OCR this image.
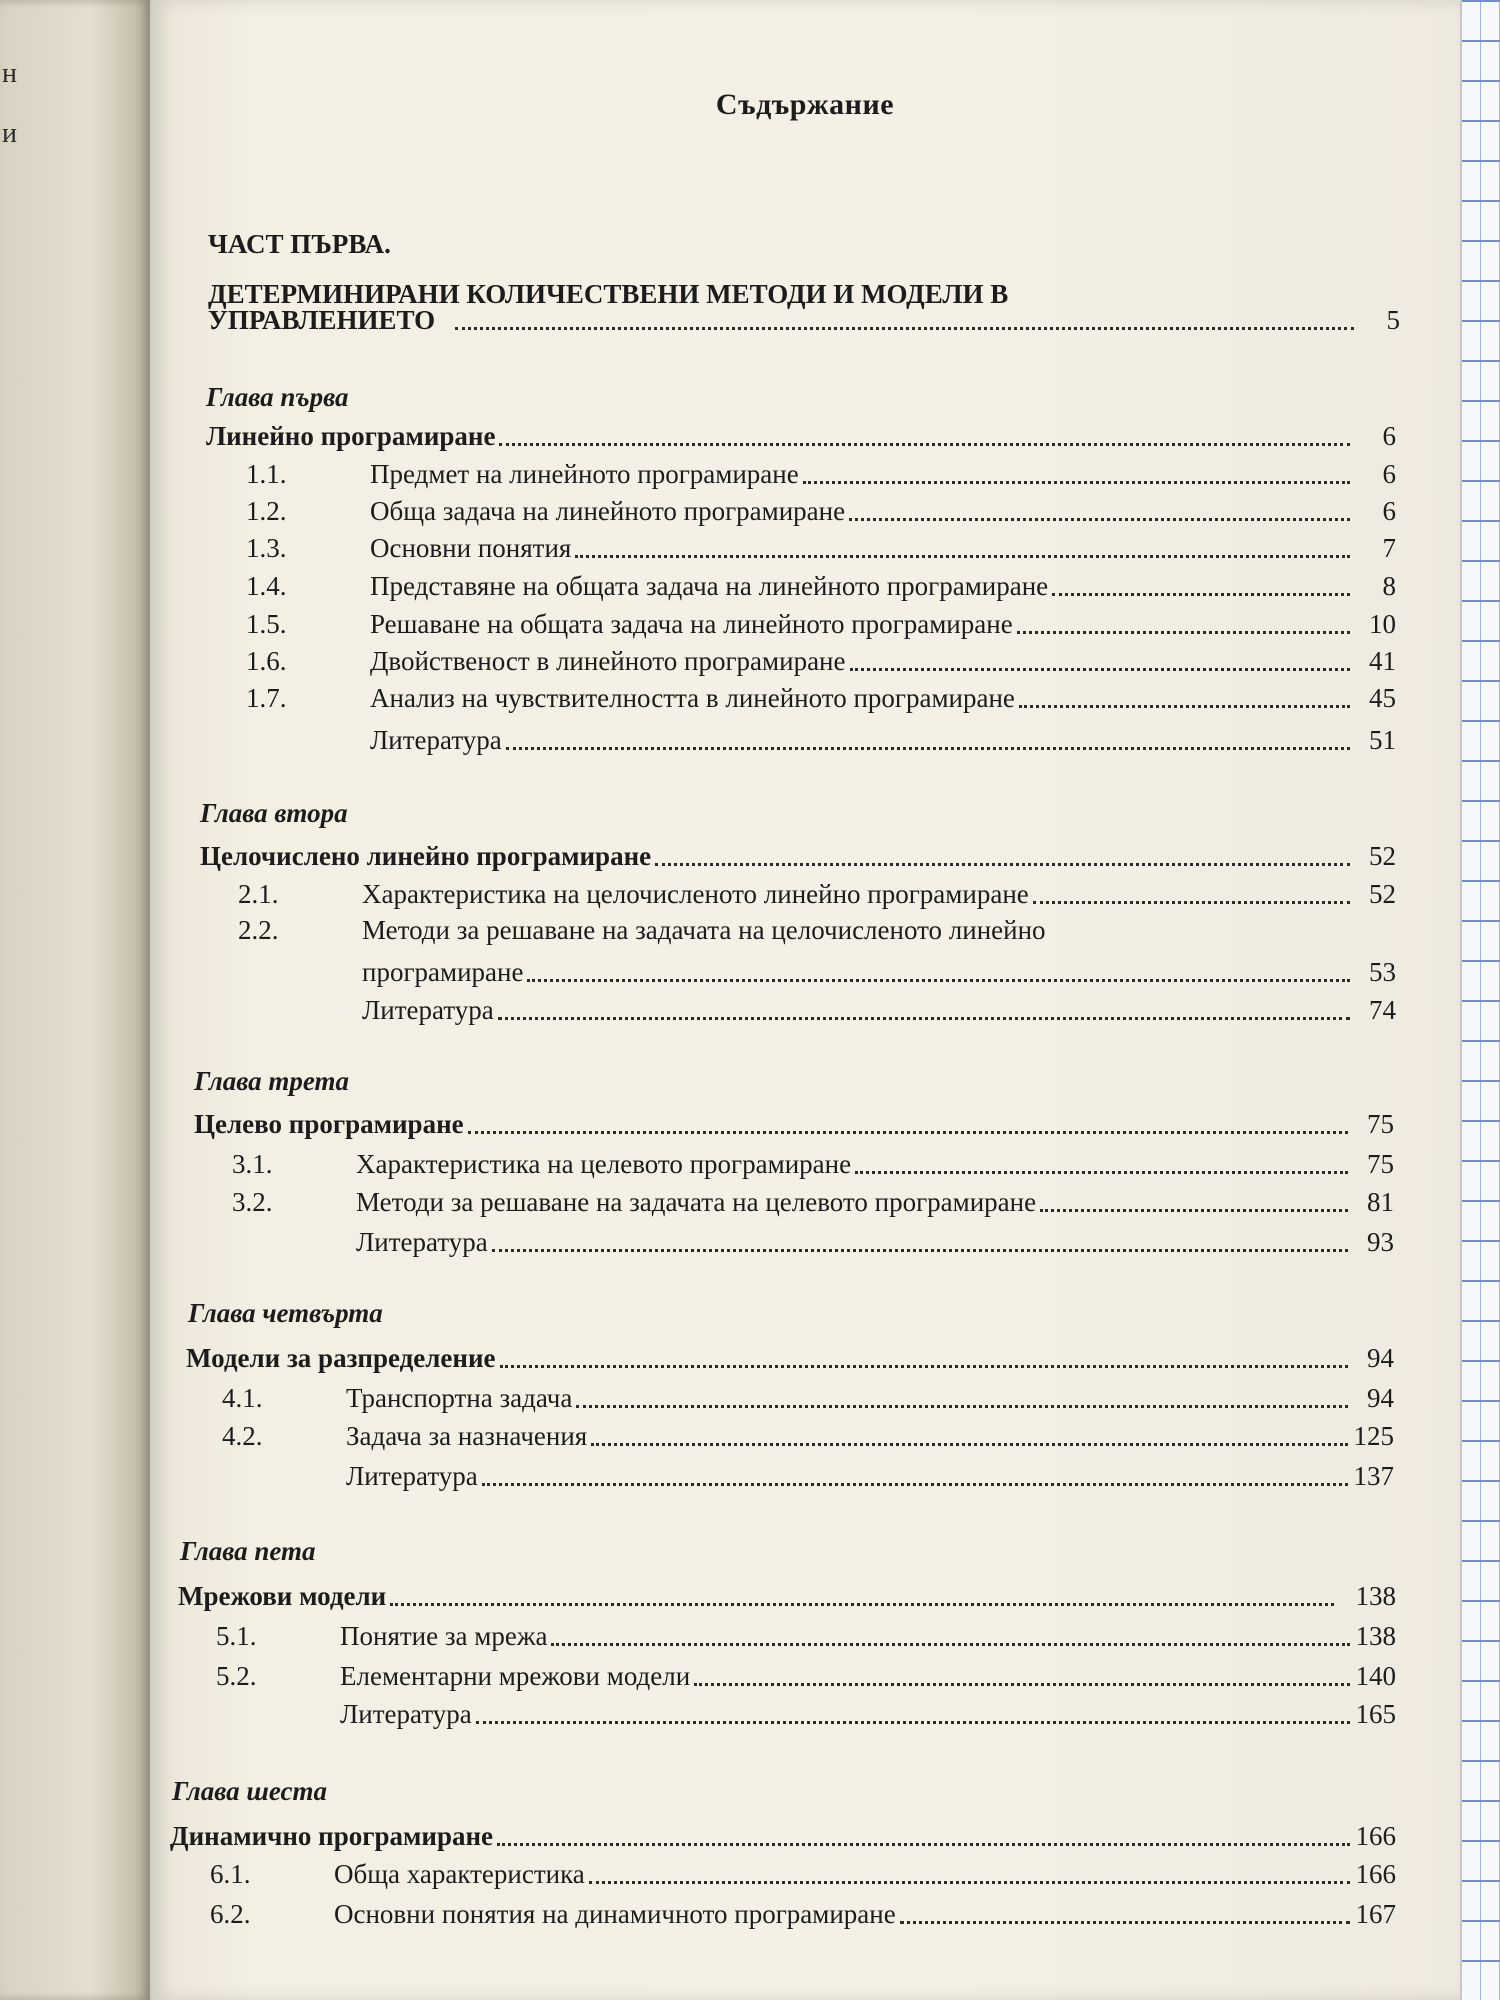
н
и
Съдържание
ЧАСТ ПЪРВА.
ДЕТЕРМИНИРАНИ КОЛИЧЕСТВЕНИ МЕТОДИ И МОДЕЛИ В
УПРАВЛЕНИЕТО	5
Глава първа
Линейно програмиране	6
1.1.	Предмет на линейното програмиране	6
1.2.	Обща задача на линейното програмиране	6
1.3.	Основни понятия	7
1.4.	Представяне на общата задача на линейното програмиране	8
1.5.	Решаване на общата задача на линейното програмиране	10
1.6.	Двойственост в линейното програмиране	41
1.7.	Анализ на чувствителността в линейното програмиране	45
Литература	51
Глава втора
Целочислено линейно програмиране	52
2.1.	Характеристика на целочисленото линейно програмиране	52
2.2.	Методи за решаване на задачата на целочисленото линейно
програмиране	53
Литература	74
Глава трета
Целево програмиране	75
3.1.	Характеристика на целевото програмиране	75
3.2.	Методи за решаване на задачата на целевото програмиране	81
Литература	93
Глава четвърта
Модели за разпределение	94
4.1.	Транспортна задача	94
4.2.	Задача за назначения	125
Литература	137
Глава пета
Мрежови модели	138
5.1.	Понятие за мрежа	138
5.2.	Елементарни мрежови модели	140
Литература	165
Глава шеста
Динамично програмиране	166
6.1.	Обща характеристика	166
6.2.	Основни понятия на динамичното програмиране	167
